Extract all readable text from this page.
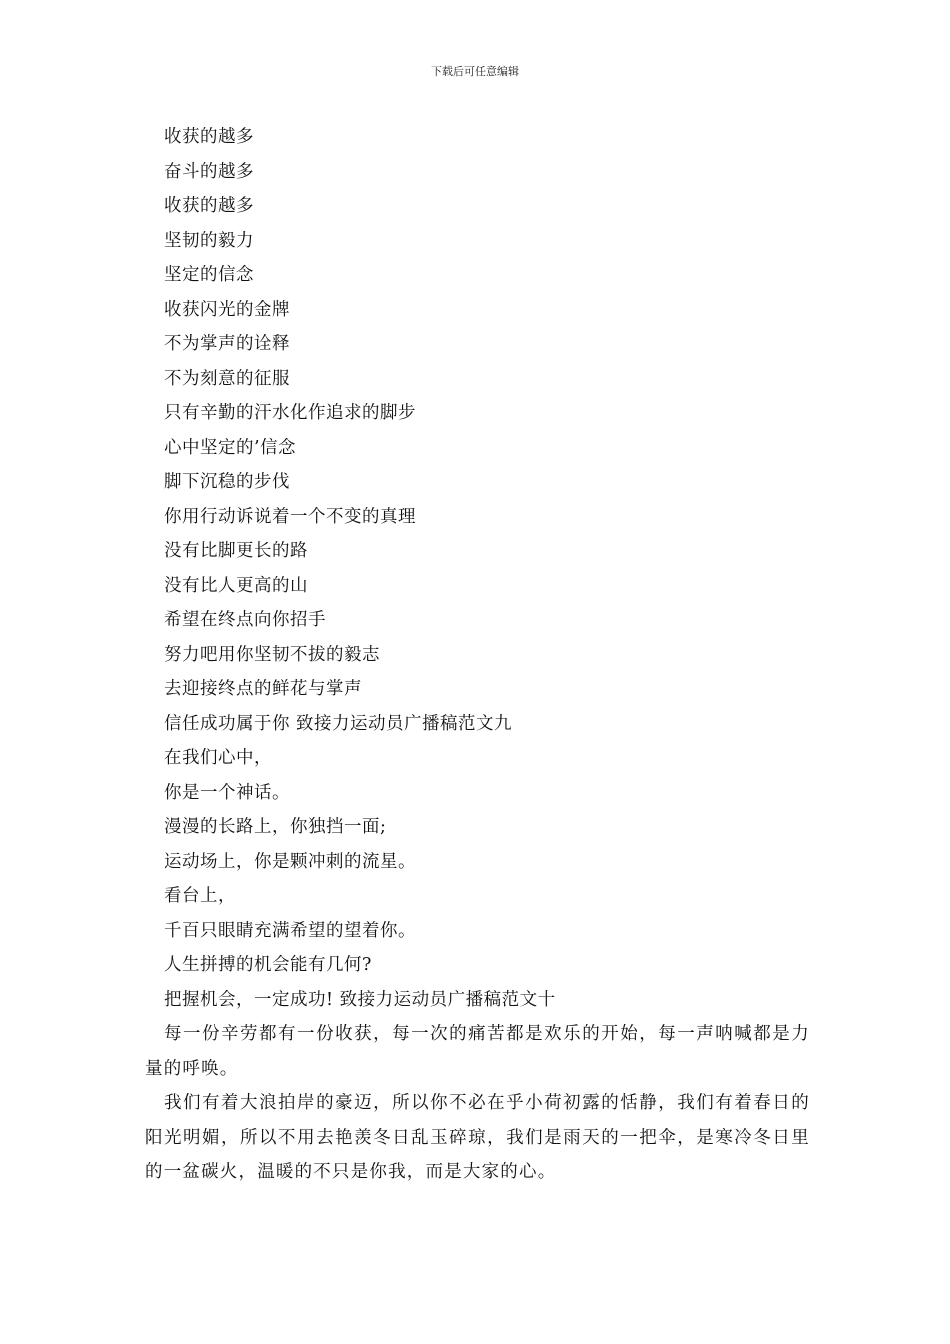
下载后可任意编辑
收获的越多
奋斗的越多
收获的越多
坚韧的毅力
坚定的信念
收获闪光的金牌
不为掌声的诠释
不为刻意的征服
只有辛勤的汗水化作追求的脚步
心中坚定的’信念
脚下沉稳的步伐
你用行动诉说着一个不变的真理
没有比脚更长的路
没有比人更高的山
希望在终点向你招手
努力吧用你坚韧不拔的毅志
去迎接终点的鲜花与掌声
信任成功属于你 致接力运动员广播稿范文九
在我们心中，
你是一个神话。
漫漫的长路上，你独挡一面;
运动场上，你是颗冲刺的流星。
看台上，
千百只眼睛充满希望的望着你。
人生拼搏的机会能有几何?
把握机会，一定成功! 致接力运动员广播稿范文十

每一份辛劳都有一份收获，每一次的痛苦都是欢乐的开始，每一声呐喊都是力量的呼唤。

我们有着大浪拍岸的豪迈，所以你不必在乎小荷初露的恬静，我们有着春日的阳光明媚，所以不用去艳羡冬日乱玉碎琼，我们是雨天的一把伞，是寒冷冬日里的一盆碳火，温暖的不只是你我，而是大家的心。
